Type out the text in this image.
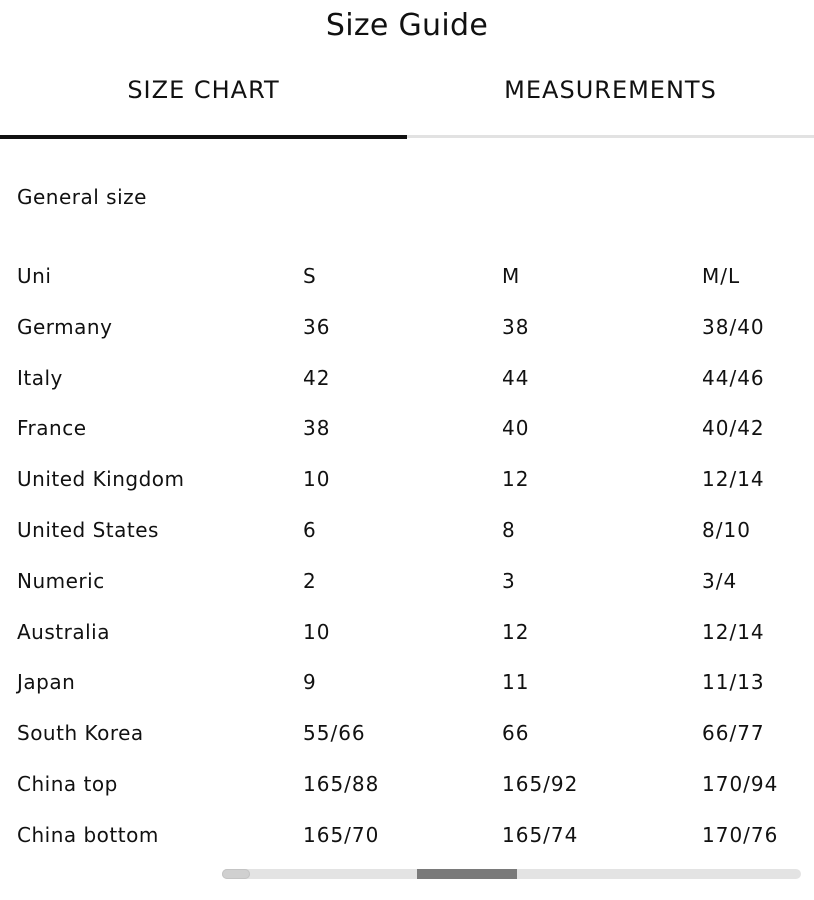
Size Guide
SIZE CHART	MEASUREMENTS
General size
Uni	S	M	M/L
Germany	36	38	38/40
Italy	42	44	44/46
France	38	40	40/42
United Kingdom	10	12	12/14
United States	6	8	8/10
Numeric	2	3	3/4
Australia	10	12	12/14
Japan	9	11	11/13
South Korea	55/66	66	66/77
China top	165/88	165/92	170/94
China bottom	165/70	165/74	170/76
